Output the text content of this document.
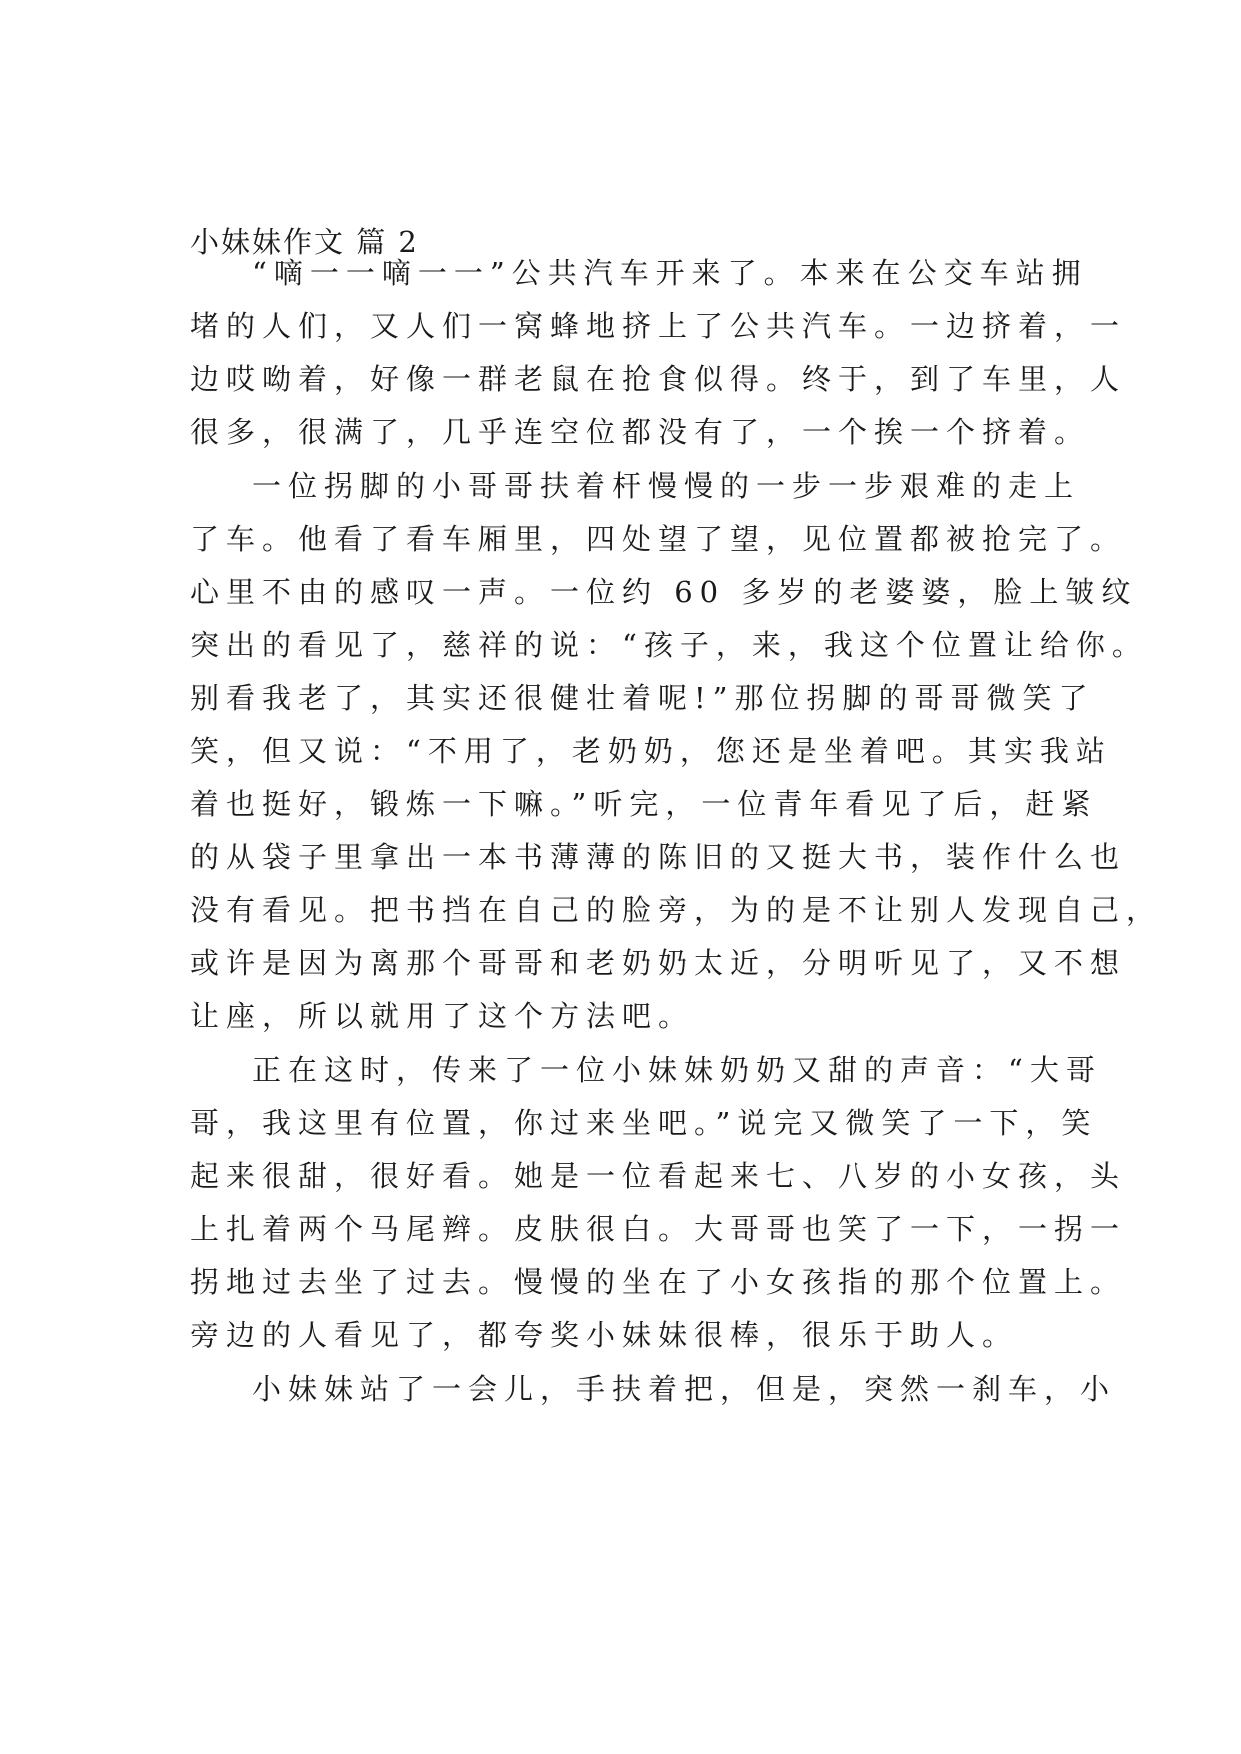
小妹妹作文 篇 2
“嘀一一嘀一一”公共汽车开来了。本来在公交车站拥
堵的人们，又人们一窝蜂地挤上了公共汽车。一边挤着，一
边哎呦着，好像一群老鼠在抢食似得。终于，到了车里，人
很多，很满了，几乎连空位都没有了，一个挨一个挤着。
一位拐脚的小哥哥扶着杆慢慢的一步一步艰难的走上
了车。他看了看车厢里，四处望了望，见位置都被抢完了。
心里不由的感叹一声。一位约 60 多岁的老婆婆，脸上皱纹
突出的看见了，慈祥的说：“孩子，来，我这个位置让给你。
别看我老了，其实还很健壮着呢!”那位拐脚的哥哥微笑了
笑，但又说：“不用了，老奶奶，您还是坐着吧。其实我站
着也挺好，锻炼一下嘛。”听完，一位青年看见了后，赶紧
的从袋子里拿出一本书薄薄的陈旧的又挺大书，装作什么也
没有看见。把书挡在自己的脸旁，为的是不让别人发现自己，
或许是因为离那个哥哥和老奶奶太近，分明听见了，又不想
让座，所以就用了这个方法吧。
正在这时，传来了一位小妹妹奶奶又甜的声音：“大哥
哥，我这里有位置，你过来坐吧。”说完又微笑了一下，笑
起来很甜，很好看。她是一位看起来七、八岁的小女孩，头
上扎着两个马尾辫。皮肤很白。大哥哥也笑了一下，一拐一
拐地过去坐了过去。慢慢的坐在了小女孩指的那个位置上。
旁边的人看见了，都夸奖小妹妹很棒，很乐于助人。
小妹妹站了一会儿，手扶着把，但是，突然一刹车，小
